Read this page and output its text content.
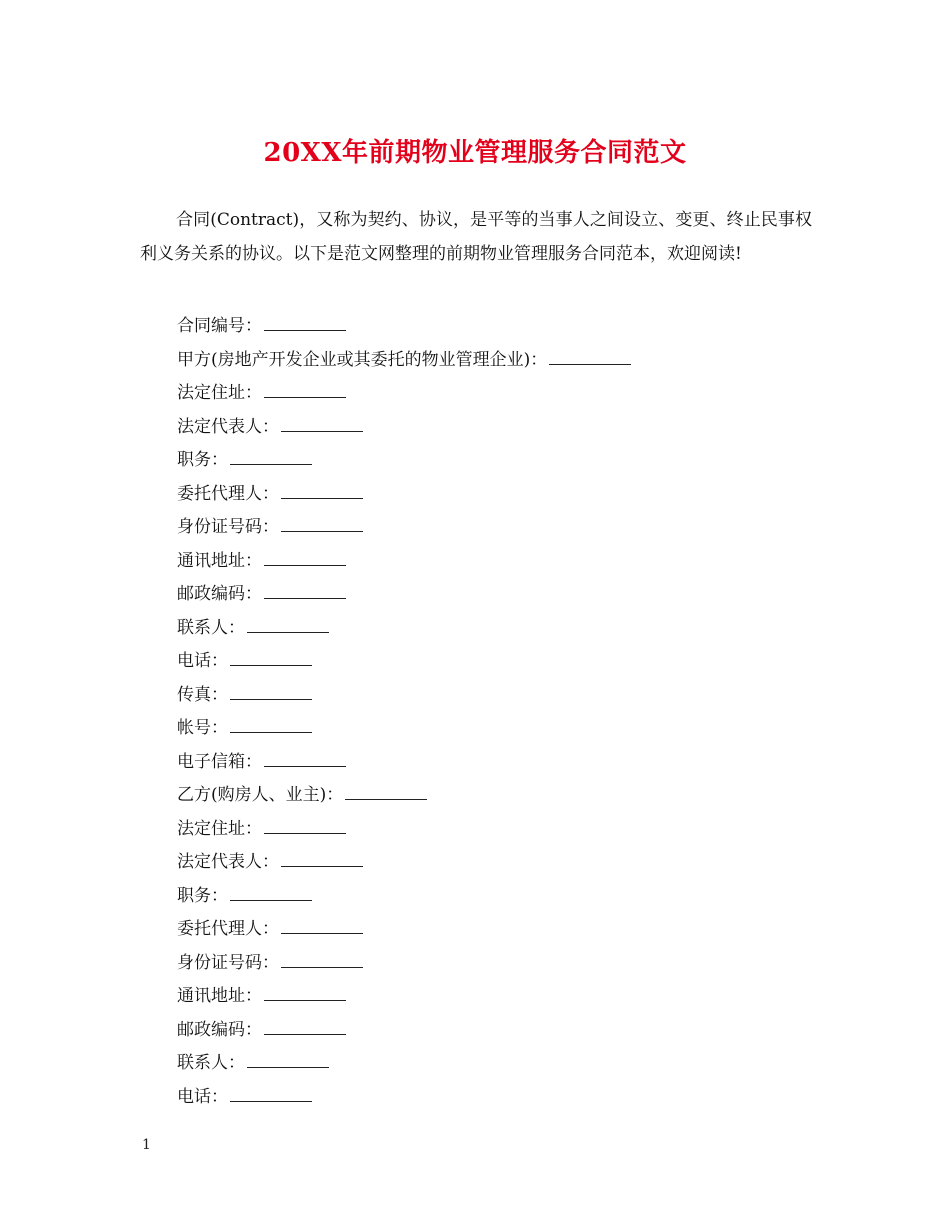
20XX年前期物业管理服务合同范文

合同(Contract)，又称为契约、协议，是平等的当事人之间设立、变更、终止民事权利义务关系的协议。以下是范文网整理的前期物业管理服务合同范本，欢迎阅读!

合同编号：
甲方(房地产开发企业或其委托的物业管理企业)：
法定住址：
法定代表人：
职务：
委托代理人：
身份证号码：
通讯地址：
邮政编码：
联系人：
电话：
传真：
帐号：
电子信箱：
乙方(购房人、业主)：
法定住址：
法定代表人：
职务：
委托代理人：
身份证号码：
通讯地址：
邮政编码：
联系人：
电话：
1
